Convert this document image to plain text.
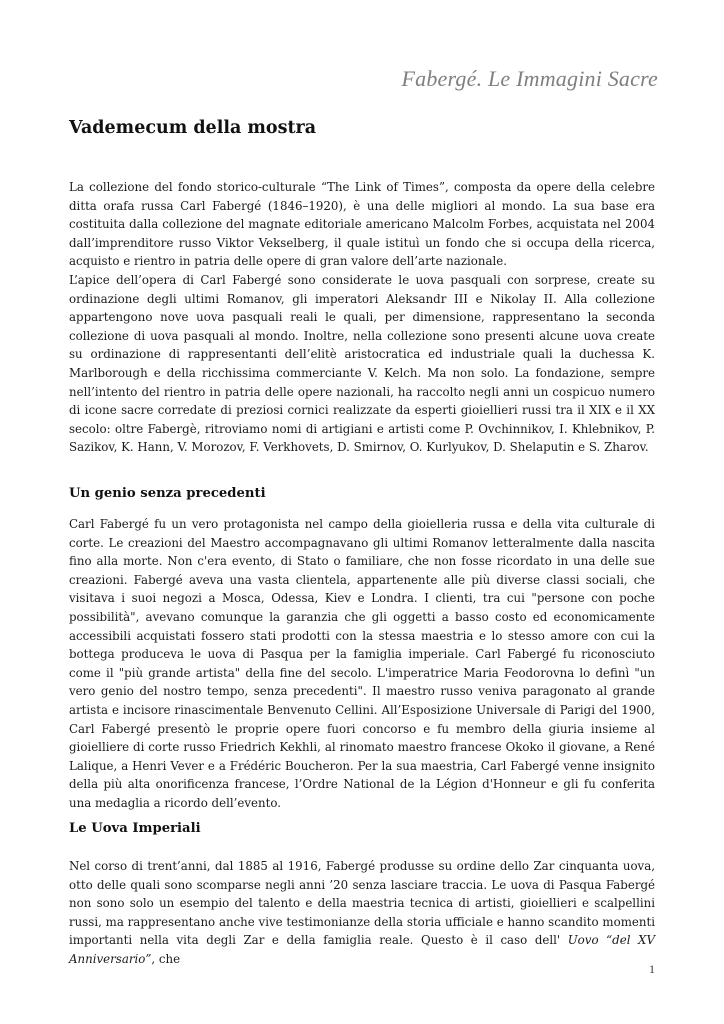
Fabergé. Le Immagini Sacre
Vademecum della mostra

La collezione del fondo storico-culturale “The Link of Times”, composta da opere della celebre ditta orafa russa Carl Fabergé (1846–1920), è una delle migliori al mondo. La sua base era costituita dalla collezione del magnate editoriale americano Malcolm Forbes, acquistata nel 2004 dall’imprenditore russo Viktor Vekselberg, il quale istituì un fondo che si occupa della ricerca, acquisto e rientro in patria delle opere di gran valore dell’arte nazionale.

L’apice dell’opera di Carl Fabergé sono considerate le uova pasquali con sorprese, create su ordinazione degli ultimi Romanov, gli imperatori Aleksandr III e Nikolay II. Alla collezione appartengono nove uova pasquali reali le quali, per dimensione, rappresentano la seconda collezione di uova pasquali al mondo. Inoltre, nella collezione sono presenti alcune uova create su ordinazione di rappresentanti dell’elitè aristocratica ed industriale quali la duchessa K. Marlborough e della ricchissima commerciante V. Kelch. Ma non solo. La fondazione, sempre nell’intento del rientro in patria delle opere nazionali, ha raccolto negli anni un cospicuo numero di icone sacre corredate di preziosi cornici realizzate da esperti gioiellieri russi tra il XIX e il XX secolo: oltre Fabergè, ritroviamo nomi di artigiani e artisti come P. Ovchinnikov, I. Khlebnikov, P. Sazikov, K. Hann, V. Morozov, F. Verkhovets, D. Smirnov, O. Kurlyukov, D. Shelaputin e S. Zharov.

Un genio senza precedenti

Carl Fabergé fu un vero protagonista nel campo della gioielleria russa e della vita culturale di corte. Le creazioni del Maestro accompagnavano gli ultimi Romanov letteralmente dalla nascita fino alla morte. Non c'era evento, di Stato o familiare, che non fosse ricordato in una delle sue creazioni. Fabergé aveva una vasta clientela, appartenente alle più diverse classi sociali, che visitava i suoi negozi a Mosca, Odessa, Kiev e Londra. I clienti, tra cui "persone con poche possibilità", avevano comunque la garanzia che gli oggetti a basso costo ed economicamente accessibili acquistati fossero stati prodotti con la stessa maestria e lo stesso amore con cui la bottega produceva le uova di Pasqua per la famiglia imperiale. Carl Fabergé fu riconosciuto come il "più grande artista" della fine del secolo. L'imperatrice Maria Feodorovna lo definì "un vero genio del nostro tempo, senza precedenti". Il maestro russo veniva paragonato al grande artista e incisore rinascimentale Benvenuto Cellini. All’Esposizione Universale di Parigi del 1900, Carl Fabergé presentò le proprie opere fuori concorso e fu membro della giuria insieme al gioielliere di corte russo Friedrich Kekhli, al rinomato maestro francese Okoko il giovane, a René Lalique, a Henri Vever e a Frédéric Boucheron. Per la sua maestria, Carl Fabergé venne insignito della più alta onorificenza francese, l’Ordre National de la Légion d'Honneur e gli fu conferita una medaglia a ricordo dell’evento.

Le Uova Imperiali

Nel corso di trent’anni, dal 1885 al 1916, Fabergé produsse su ordine dello Zar cinquanta uova, otto delle quali sono scomparse negli anni ’20 senza lasciare traccia. Le uova di Pasqua Fabergé non sono solo un esempio del talento e della maestria tecnica di artisti, gioiellieri e scalpellini russi, ma rappresentano anche vive testimonianze della storia ufficiale e hanno scandito momenti importanti nella vita degli Zar e della famiglia reale. Questo è il caso dell' Uovo “del XV Anniversario”, che

1
